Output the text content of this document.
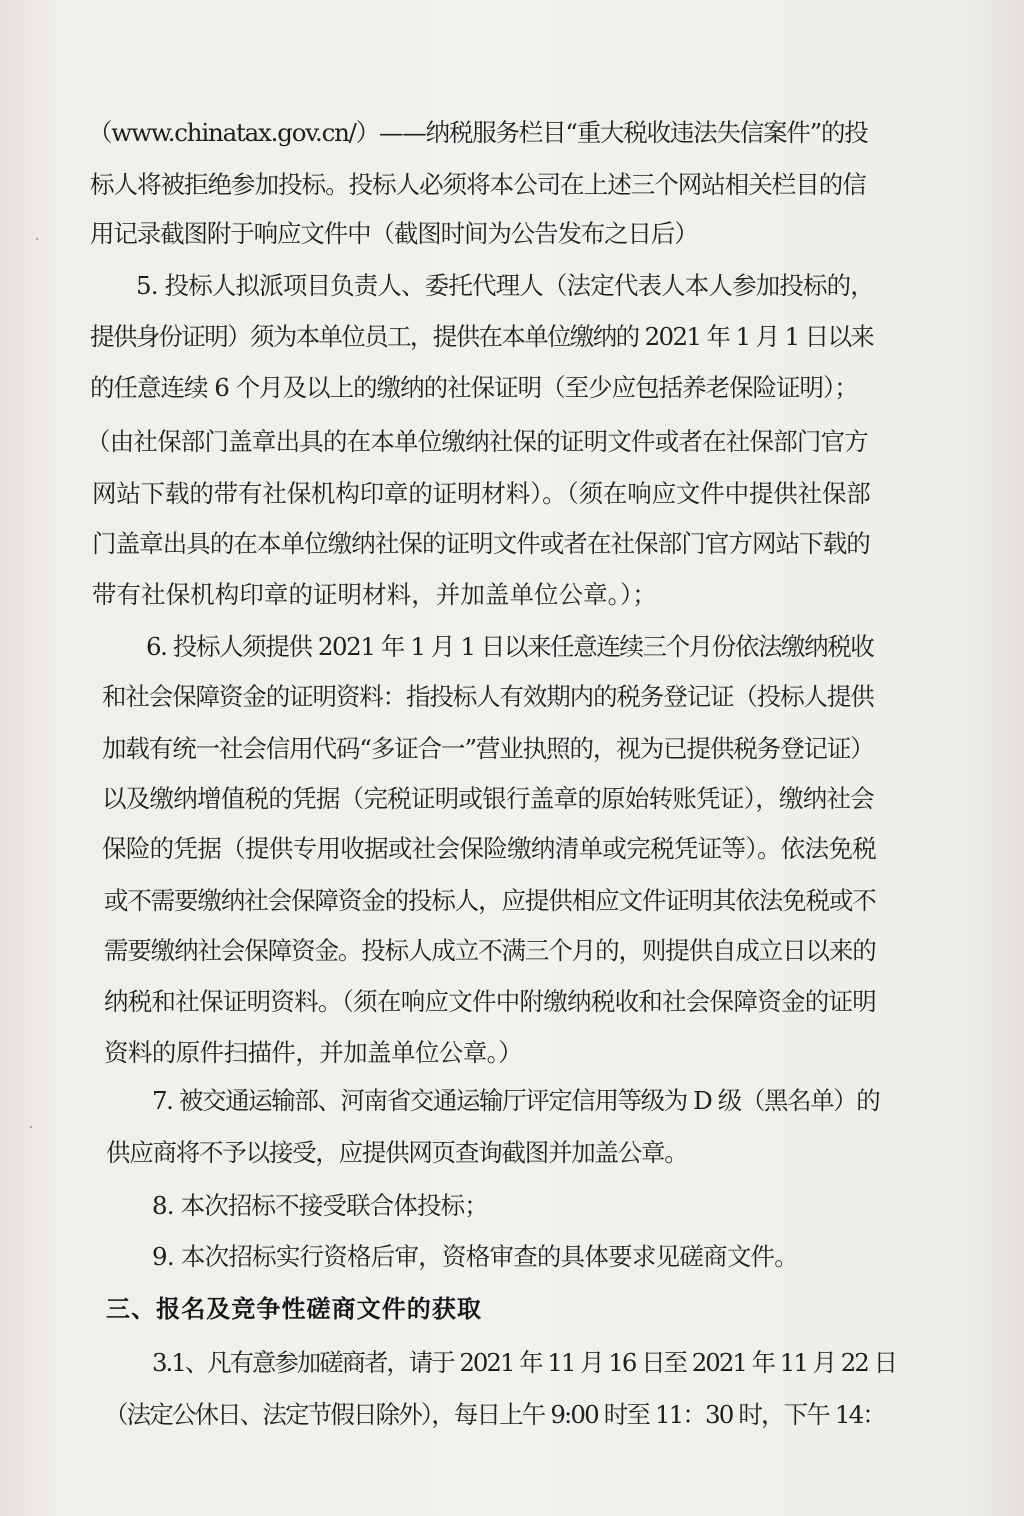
（www.chinatax.gov.cn/）——纳税服务栏目“重大税收违法失信案件”的投
标人将被拒绝参加投标。投标人必须将本公司在上述三个网站相关栏目的信
用记录截图附于响应文件中（截图时间为公告发布之日后）
5. 投标人拟派项目负责人、委托代理人（法定代表人本人参加投标的，
提供身份证明）须为本单位员工，提供在本单位缴纳的 2021 年 1 月 1 日以来
的任意连续 6 个月及以上的缴纳的社保证明（至少应包括养老保险证明）；
（由社保部门盖章出具的在本单位缴纳社保的证明文件或者在社保部门官方
网站下载的带有社保机构印章的证明材料）。（须在响应文件中提供社保部
门盖章出具的在本单位缴纳社保的证明文件或者在社保部门官方网站下载的
带有社保机构印章的证明材料，并加盖单位公章。）；
6. 投标人须提供 2021 年 1 月 1 日以来任意连续三个月份依法缴纳税收
和社会保障资金的证明资料：指投标人有效期内的税务登记证（投标人提供
加载有统一社会信用代码“多证合一”营业执照的，视为已提供税务登记证）
以及缴纳增值税的凭据（完税证明或银行盖章的原始转账凭证），缴纳社会
保险的凭据（提供专用收据或社会保险缴纳清单或完税凭证等）。依法免税
或不需要缴纳社会保障资金的投标人，应提供相应文件证明其依法免税或不
需要缴纳社会保障资金。投标人成立不满三个月的，则提供自成立日以来的
纳税和社保证明资料。（须在响应文件中附缴纳税收和社会保障资金的证明
资料的原件扫描件，并加盖单位公章。）
7. 被交通运输部、河南省交通运输厅评定信用等级为 D 级（黑名单）的
供应商将不予以接受，应提供网页查询截图并加盖公章。
8. 本次招标不接受联合体投标；
9. 本次招标实行资格后审，资格审查的具体要求见磋商文件。
三、报名及竞争性磋商文件的获取
3.1、凡有意参加磋商者，请于 2021 年 11 月 16 日至 2021 年 11 月 22 日
（法定公休日、法定节假日除外），每日上午 9:00 时至 11：30 时，下午 14：
